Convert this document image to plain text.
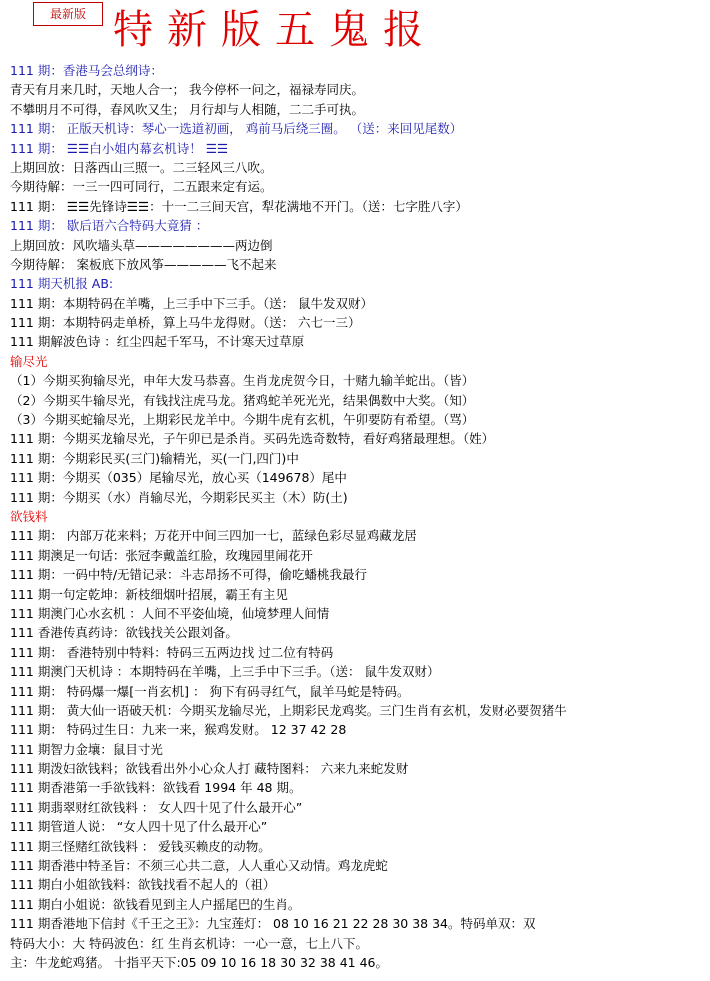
最新版 特新版五鬼报
111 期：香港马会总纲诗：
青天有月来几时，天地人合一； 我今停杯一问之，福禄寿同庆。
不攀明月不可得，春风吹又生； 月行却与人相随，二二手可执。
111 期： 正版天机诗：琴心一选道初画， 鸡前马后绕三圈。 （送：来回见尾数）
111 期： ☰☰白小姐内幕玄机诗！ ☰☰
上期回放：日落西山三照一。二三轻风三八吹。
今期待解：一三一四可同行，二五跟来定有运。
111 期： ☰☰先锋诗☰☰：十一二三间天宫，犁花满地不开门。（送：七字胜八字）
111 期： 歇后语六合特码大竟猜 ：
上期回放：风吹墙头草————————两边倒
今期待解： 案板底下放风筝—————飞不起来
111 期天机报 AB:
111 期：本期特码在羊嘴，上三手中下三手。（送： 鼠牛发双财）
111 期：本期特码走单桥，算上马牛龙得财。（送： 六七一三）
111 期解波色诗 ：红尘四起千军马，不计寒天过草原
输尽光
（1）今期买狗输尽光，申年大发马恭喜。生肖龙虎贺今日，十赌九输羊蛇出。（皆）
（2）今期买牛输尽光，有钱找注虎马龙。猪鸡蛇羊死光光，结果偶数中大奖。（知）
（3）今期买蛇输尽光，上期彩民龙羊中。今期牛虎有玄机，午卯要防有希望。（骂）
111 期：今期买龙输尽光，子午卯已是杀肖。买码先选奇数特，看好鸡猪最理想。（姓）
111 期：今期彩民买(三门)输精光，买(一门,四门)中
111 期：今期买（035）尾输尽光，放心买（149678）尾中
111 期：今期买（水）肖输尽光，今期彩民买主（木）防(土)
欲钱料
111 期： 内部万花来料；万花开中间三四加一七，蓝绿色彩尽显鸡藏龙居
111 期澳足一句话：张冠李戴盖红脸，玫瑰园里闹花开
111 期：一码中特/无错记录：斗志昂扬不可得，偷吃蟠桃我最行
111 期一句定乾坤：新枝细烟叶招展，霸王有主见
111 期澳门心水玄机 ：人间不平姿仙境，仙境梦理人间情
111 香港传真药诗：欲钱找关公跟刘备。
111 期： 香港特别中特料：特码三五两边找 过二位有特码
111 期澳门天机诗 ：本期特码在羊嘴，上三手中下三手。（送： 鼠牛发双财）
111 期： 特码爆一爆[一肖玄机] ： 狗下有码寻红气，鼠羊马蛇是特码。
111 期： 黄大仙一语破天机：今期买龙输尽光，上期彩民龙鸡奖。三门生肖有玄机，发财必要贺猪牛
111 期： 特码过生日：九来一来，猴鸡发财。 12 37 42 28
111 期智力金壤：鼠目寸光
111 期泼妇欲钱料；欲钱看出外小心众人打 藏特图料： 六来九来蛇发财
111 期香港第一手欲钱料：欲钱看 1994 年 48 期。
111 期翡翠财红欲钱料 ： 女人四十见了什么最开心”
111 期管道人说： “女人四十见了什么最开心”
111 期三怪赌红欲钱料 ： 爱钱买赖皮的动物。
111 期香港中特圣旨：不须三心共二意，人人重心又动情。鸡龙虎蛇
111 期白小姐欲钱料：欲钱找看不起人的（祖）
111 期白小姐说：欲钱看见到主人户摇尾巴的生肖。
111 期香港地下信封《千王之王》：九宝莲灯： 08 10 16 21 22 28 30 38 34。特码单双：双
特码大小：大 特码波色：红 生肖玄机诗：一心一意，七上八下。
主：牛龙蛇鸡猪。 十指平天下:05 09 10 16 18 30 32 38 41 46。
